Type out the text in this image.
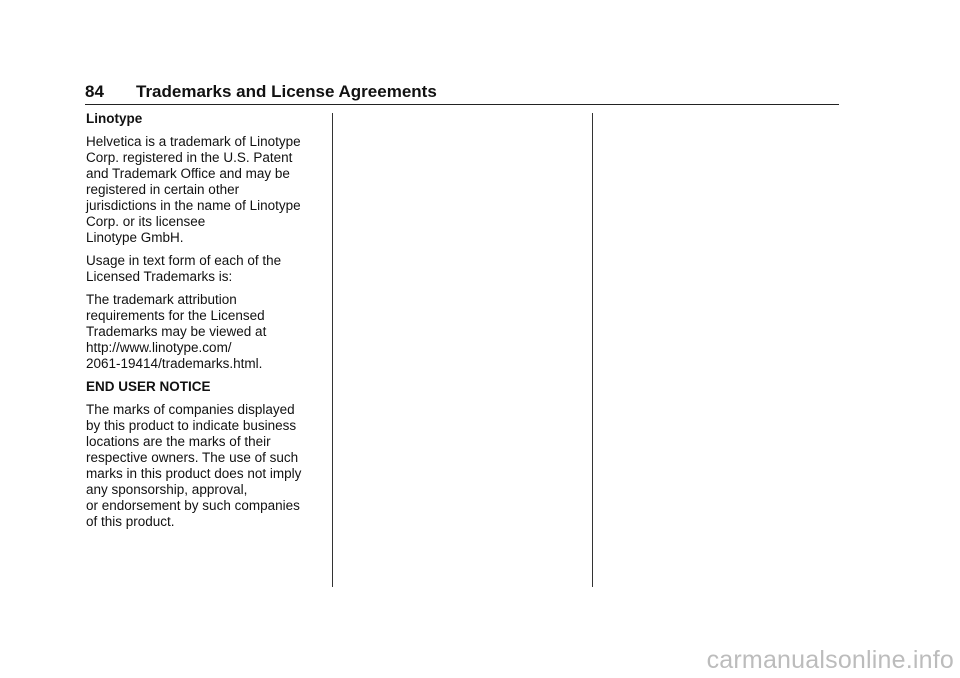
84 Trademarks and License Agreements
Linotype
Helvetica is a trademark of Linotype
Corp. registered in the U.S. Patent
and Trademark Office and may be
registered in certain other
jurisdictions in the name of Linotype
Corp. or its licensee
Linotype GmbH.
Usage in text form of each of the
Licensed Trademarks is:
The trademark attribution
requirements for the Licensed
Trademarks may be viewed at
http://www.linotype.com/
2061-19414/trademarks.html.
END USER NOTICE
The marks of companies displayed
by this product to indicate business
locations are the marks of their
respective owners. The use of such
marks in this product does not imply
any sponsorship, approval,
or endorsement by such companies
of this product.
carmanualsonline.info
